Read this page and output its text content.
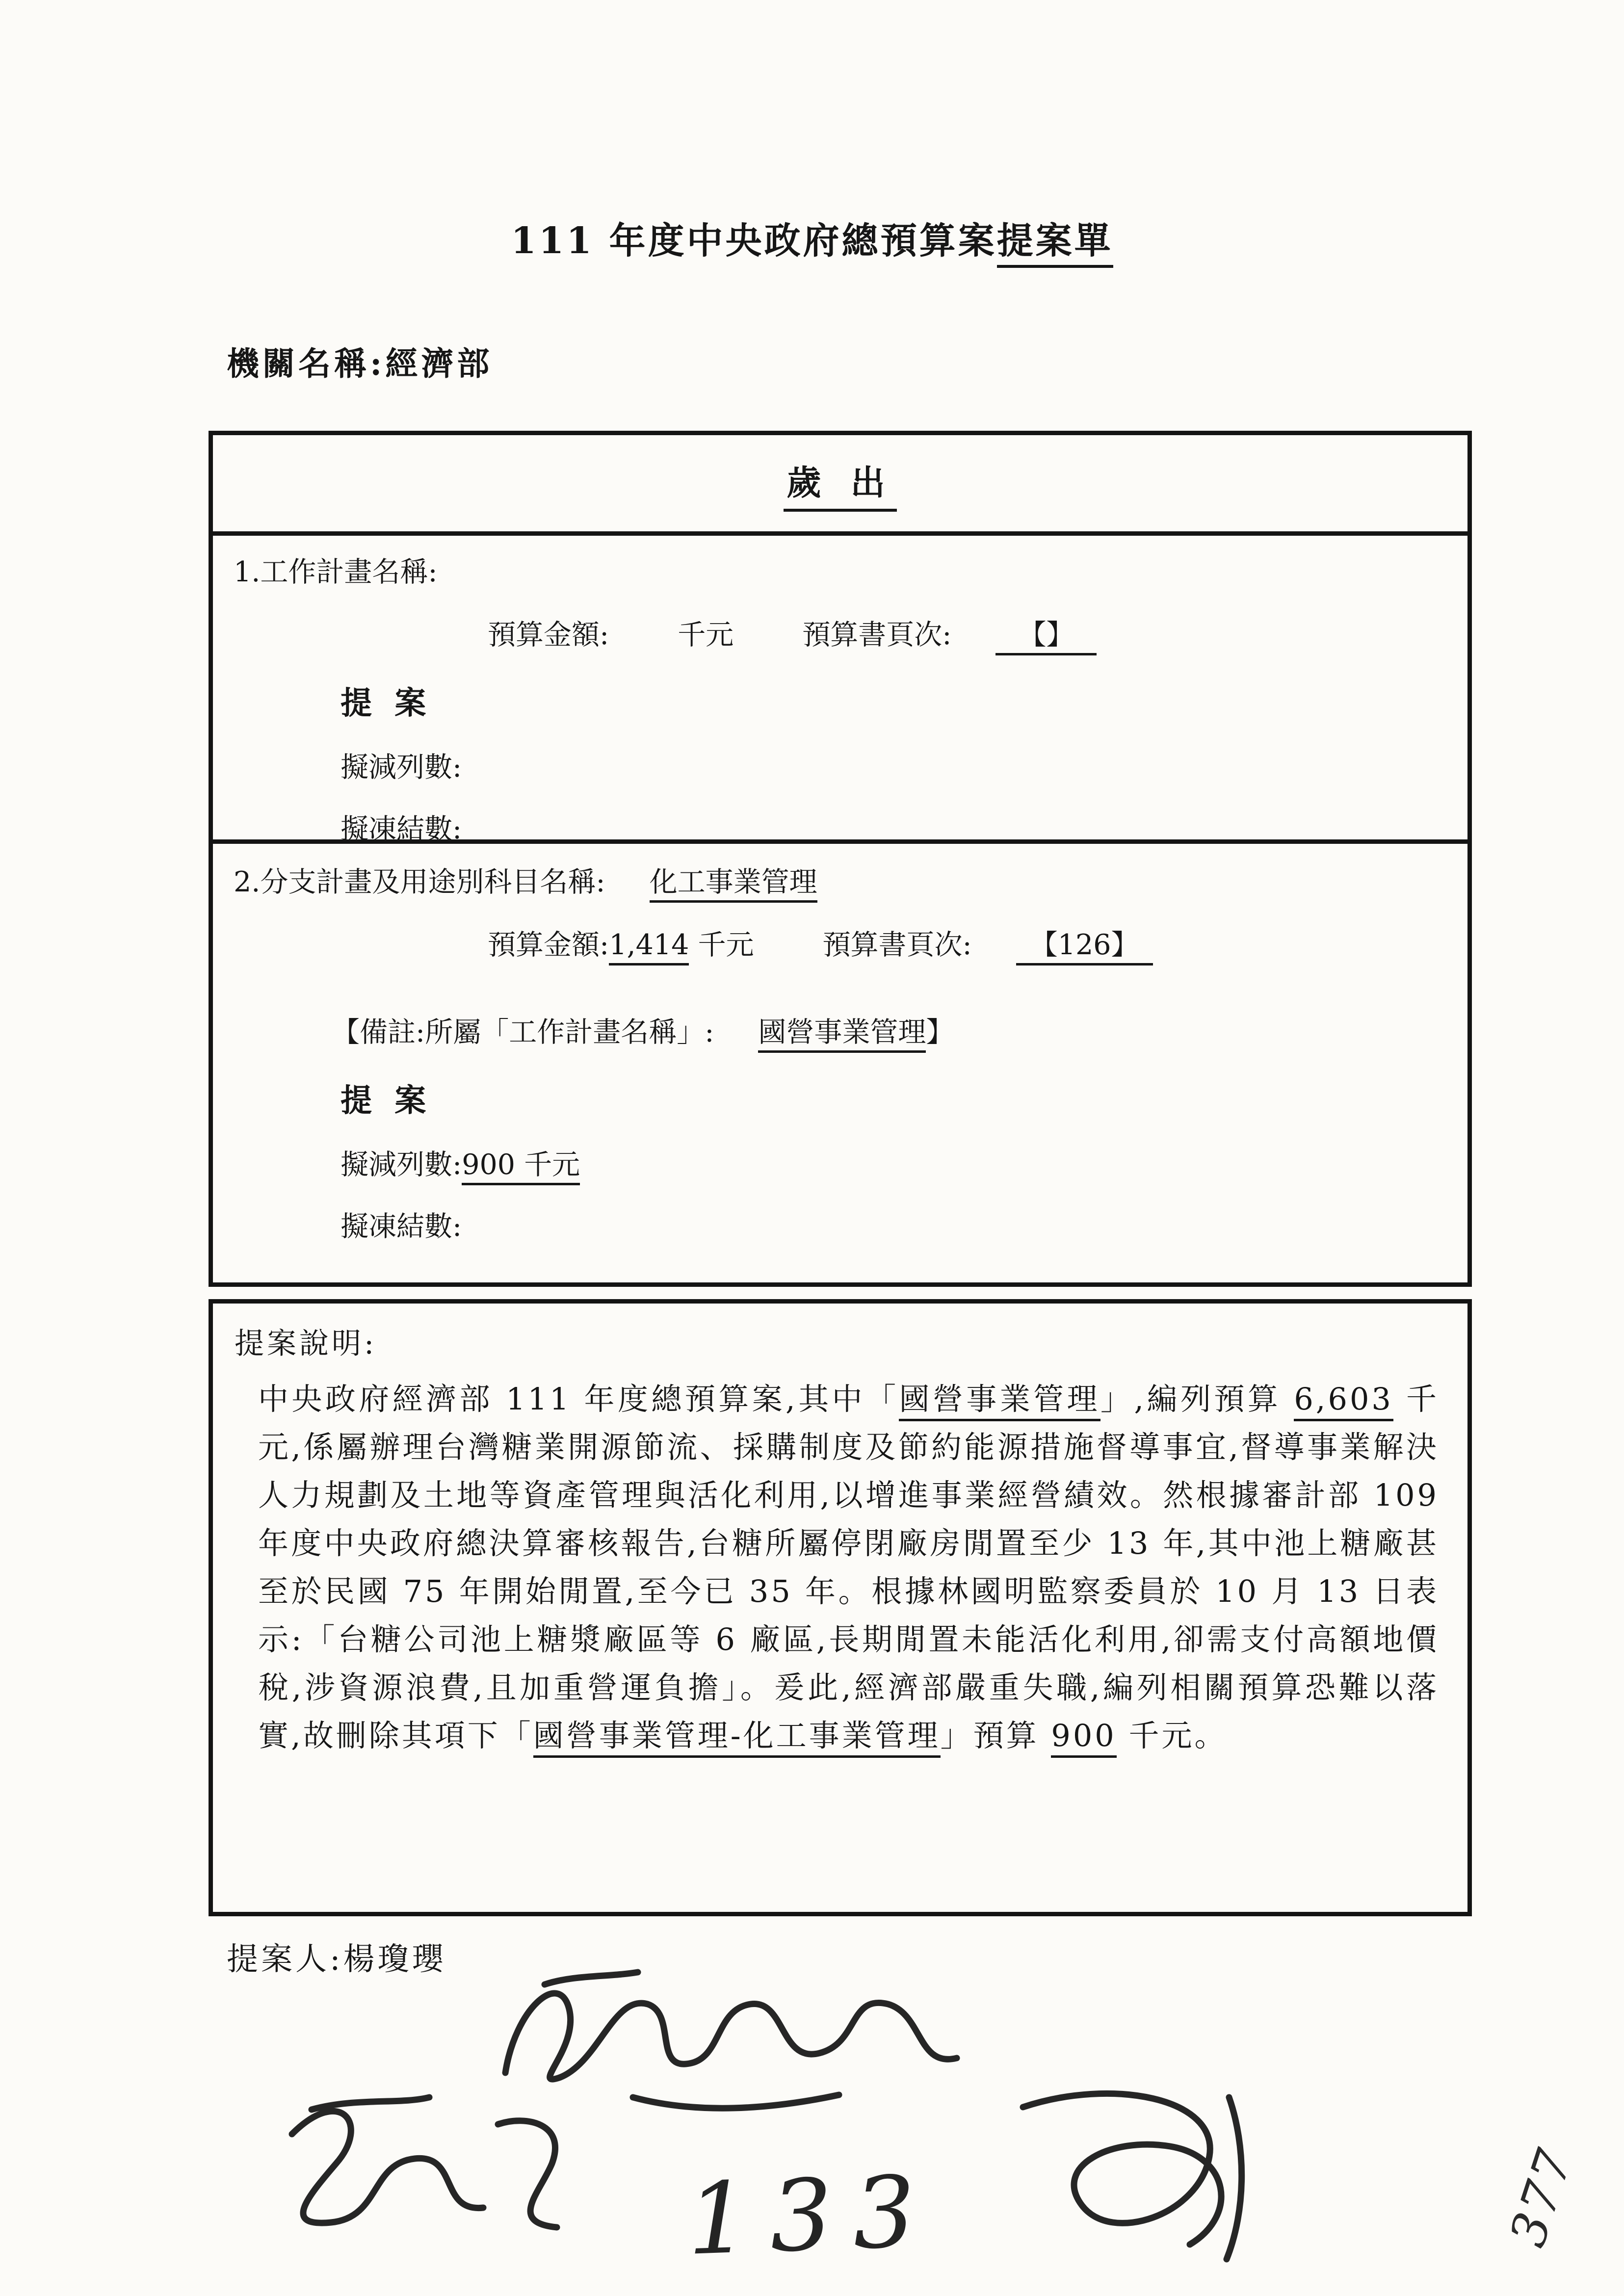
111 年度中央政府總預算案提案單
機關名稱:經濟部
歲 出
1.工作計畫名稱:
預算金額: 千元 預算書頁次: 【】
提 案
擬減列數:
擬凍結數:
2.分支計畫及用途別科目名稱: 化工事業管理
預算金額:1,414 千元 預算書頁次: 【126】
【備註:所屬「工作計畫名稱」: 國營事業管理】
提 案
擬減列數:900 千元
擬凍結數:
提案說明:
中央政府經濟部 111 年度總預算案,其中「國營事業管理」,編列預算 6,603 千元,係屬辦理台灣糖業開源節流、採購制度及節約能源措施督導事宜,督導事業解決人力規劃及土地等資產管理與活化利用,以增進事業經營績效。然根據審計部 109 年度中央政府總決算審核報告,台糖所屬停閉廠房閒置至少 13 年,其中池上糖廠甚至於民國 75 年開始閒置,至今已 35 年。根據林國明監察委員於 10 月 13 日表示:「台糖公司池上糖漿廠區等 6 廠區,長期閒置未能活化利用,卻需支付高額地價稅,涉資源浪費,且加重營運負擔」。爰此,經濟部嚴重失職,編列相關預算恐難以落實,故刪除其項下「國營事業管理-化工事業管理」預算 900 千元。
提案人:楊瓊瓔
133	377
